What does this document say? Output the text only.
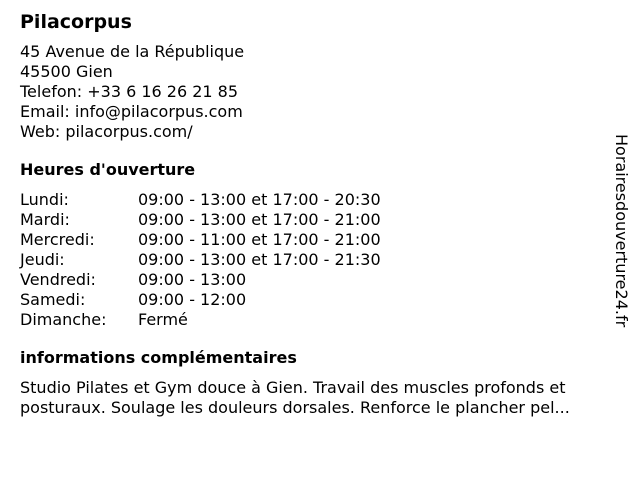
Pilacorpus
45 Avenue de la République
45500 Gien
Telefon: +33 6 16 26 21 85
Email: info@pilacorpus.com
Web: pilacorpus.com/
Heures d'ouverture
Lundi:	09:00 - 13:00 et 17:00 - 20:30
Mardi:	09:00 - 13:00 et 17:00 - 21:00
Mercredi:	09:00 - 11:00 et 17:00 - 21:00
Jeudi:	09:00 - 13:00 et 17:00 - 21:30
Vendredi:	09:00 - 13:00
Samedi:	09:00 - 12:00
Dimanche:	Fermé
informations complémentaires
Studio Pilates et Gym douce à Gien. Travail des muscles profonds et
posturaux. Soulage les douleurs dorsales. Renforce le plancher pel...
Horairesdouverture24.fr
